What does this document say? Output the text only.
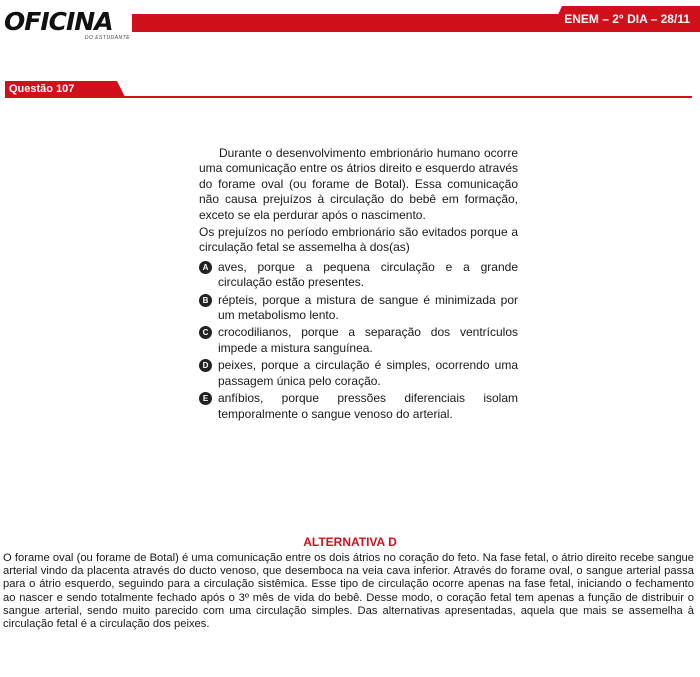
OFICINA
DO ESTUDANTE
ENEM – 2° DIA – 28/11
Questão 107

Durante o desenvolvimento embrionário humano ocorre uma comunicação entre os átrios direito e esquerdo através do forame oval (ou forame de Botal). Essa comunicação não causa prejuízos à circulação do bebê em formação, exceto se ela perdurar após o nascimento.

Os prejuízos no período embrionário são evitados porque a circulação fetal se assemelha à dos(as)

A aves, porque a pequena circulação e a grande circulação estão presentes.
B répteis, porque a mistura de sangue é minimizada por um metabolismo lento.
C crocodilianos, porque a separação dos ventrículos impede a mistura sanguínea.
D peixes, porque a circulação é simples, ocorrendo uma passagem única pelo coração.
E anfíbios, porque pressões diferenciais isolam temporalmente o sangue venoso do arterial.
ALTERNATIVA D

O forame oval (ou forame de Botal) é uma comunicação entre os dois átrios no coração do feto. Na fase fetal, o átrio direito recebe sangue arterial vindo da placenta através do ducto venoso, que desemboca na veia cava inferior. Através do forame oval, o sangue arterial passa para o átrio esquerdo, seguindo para a circulação sistêmica. Esse tipo de circulação ocorre apenas na fase fetal, iniciando o fechamento ao nascer e sendo totalmente fechado após o 3º mês de vida do bebê. Desse modo, o coração fetal tem apenas a função de distribuir o sangue arterial, sendo muito parecido com uma circulação simples. Das alternativas apresentadas, aquela que mais se assemelha à circulação fetal é a circulação dos peixes.
